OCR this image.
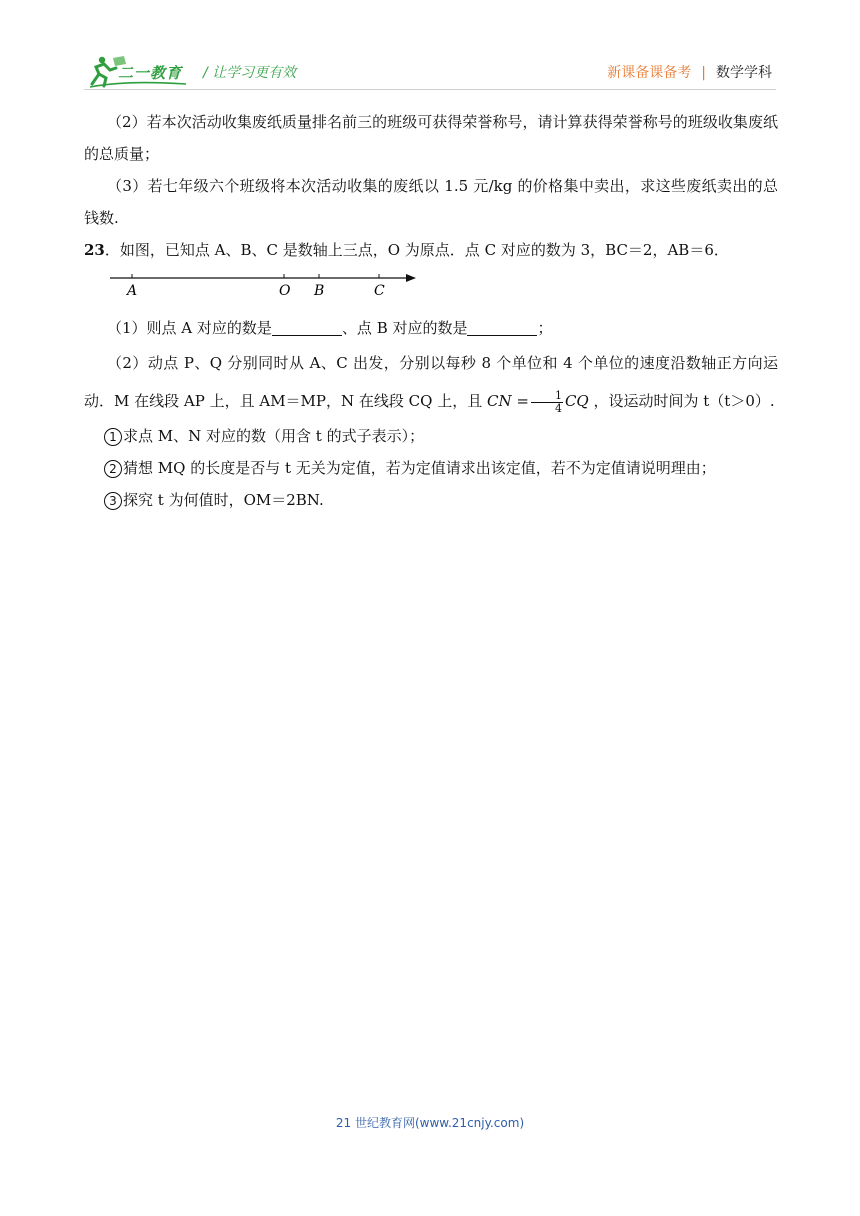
二一教育 / 让学习更有效	新课备课备考 | 数学学科

（2）若本次活动收集废纸质量排名前三的班级可获得荣誉称号，请计算获得荣誉称号的班级收集废纸的总质量；

（3）若七年级六个班级将本次活动收集的废纸以 1.5 元/kg 的价格集中卖出，求这些废纸卖出的总钱数.

23．如图，已知点 A、B、C 是数轴上三点，O 为原点．点 C 对应的数为 3，BC＝2，AB＝6．

A	O B	C

（1）则点 A 对应的数是	、点 B 对应的数是	；

（2）动点 P、Q 分别同时从 A、C 出发，分别以每秒 8 个单位和 4 个单位的速度沿数轴正方向运动．M 在线段 AP 上，且 AM＝MP，N 在线段 CQ 上，且 CN = $\frac{1}{4}$ CQ ，设运动时间为 t（t＞0）.

1 求点 M、N 对应的数（用含 t 的式子表示）；

2 猜想 MQ 的长度是否与 t 无关为定值，若为定值请求出该定值，若不为定值请说明理由；

3 探究 t 为何值时，OM＝2BN.

21 世纪教育网(www.21cnjy.com)
